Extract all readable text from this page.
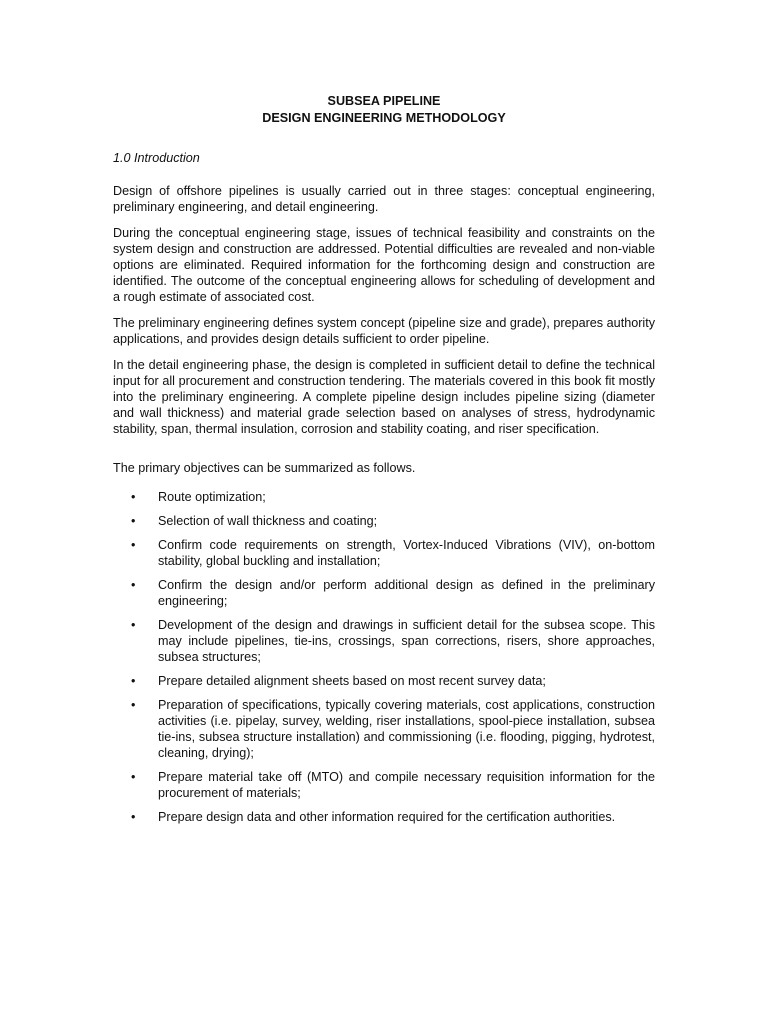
SUBSEA PIPELINE

DESIGN ENGINEERING METHODOLOGY

1.0 Introduction

Design of offshore pipelines is usually carried out in three stages: conceptual engineering, preliminary engineering, and detail engineering.

During the conceptual engineering stage, issues of technical feasibility and constraints on the system design and construction are addressed. Potential difficulties are revealed and non-viable options are eliminated. Required information for the forthcoming design and construction are identified. The outcome of the conceptual engineering allows for scheduling of development and a rough estimate of associated cost.

The preliminary engineering defines system concept (pipeline size and grade), prepares authority applications, and provides design details sufficient to order pipeline.

In the detail engineering phase, the design is completed in sufficient detail to define the technical input for all procurement and construction tendering. The materials covered in this book fit mostly into the preliminary engineering. A complete pipeline design includes pipeline sizing (diameter and wall thickness) and material grade selection based on analyses of stress, hydrodynamic stability, span, thermal insulation, corrosion and stability coating, and riser specification.

The primary objectives can be summarized as follows.

• Route optimization;
• Selection of wall thickness and coating;
• Confirm code requirements on strength, Vortex-Induced Vibrations (VIV), on-bottom stability, global buckling and installation;
• Confirm the design and/or perform additional design as defined in the preliminary engineering;
• Development of the design and drawings in sufficient detail for the subsea scope. This may include pipelines, tie-ins, crossings, span corrections, risers, shore approaches, subsea structures;
• Prepare detailed alignment sheets based on most recent survey data;
• Preparation of specifications, typically covering materials, cost applications, construction activities (i.e. pipelay, survey, welding, riser installations, spool-piece installation, subsea tie-ins, subsea structure installation) and commissioning (i.e. flooding, pigging, hydrotest, cleaning, drying);
• Prepare material take off (MTO) and compile necessary requisition information for the procurement of materials;
• Prepare design data and other information required for the certification authorities.
